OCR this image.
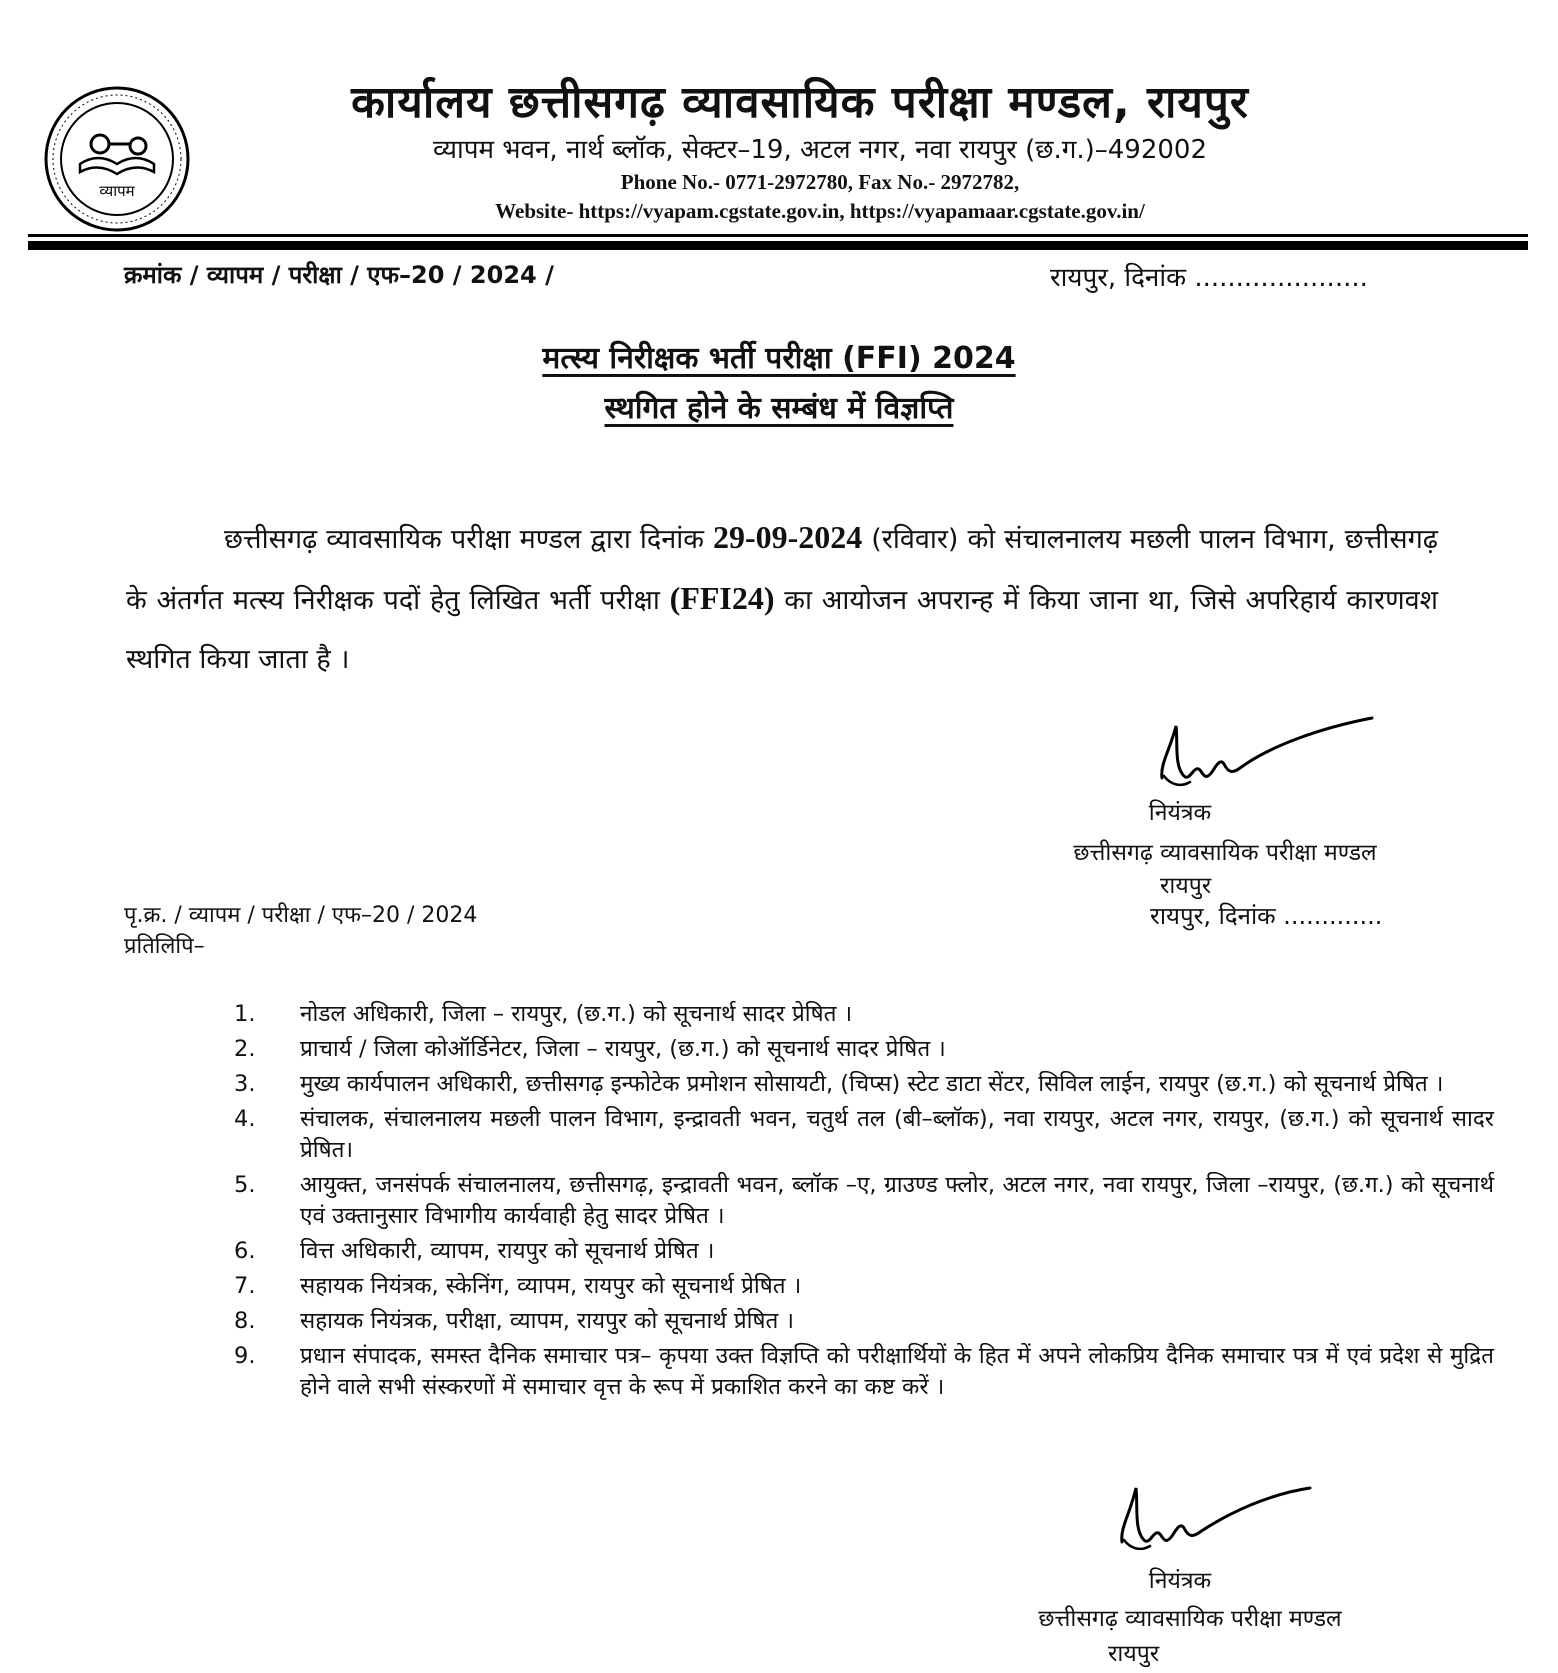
व्यापम
कार्यालय छत्तीसगढ़ व्यावसायिक परीक्षा मण्डल, रायपुर
व्यापम भवन, नार्थ ब्लॉक, सेक्टर–19, अटल नगर, नवा रायपुर (छ.ग.)–492002
Phone No.- 0771-2972780, Fax No.- 2972782,
Website- https://vyapam.cgstate.gov.in, https://vyapamaar.cgstate.gov.in/
क्रमांक / व्यापम / परीक्षा / एफ–20 / 2024 /	रायपुर, दिनांक .....................
मत्स्य निरीक्षक भर्ती परीक्षा (FFI) 2024
स्थगित होने के सम्बंध में विज्ञप्ति
छत्तीसगढ़ व्यावसायिक परीक्षा मण्डल द्वारा दिनांक 29-09-2024 (रविवार) को संचालनालय मछली पालन विभाग, छत्तीसगढ़ के अंतर्गत मत्स्य निरीक्षक पदों हेतु लिखित भर्ती परीक्षा (FFI24) का आयोजन अपरान्ह में किया जाना था, जिसे अपरिहार्य कारणवश स्थगित किया जाता है ।
नियंत्रक
छत्तीसगढ़ व्यावसायिक परीक्षा मण्डल
रायपुर
पृ.क्र. / व्यापम / परीक्षा / एफ–20 / 2024	रायपुर, दिनांक .............
प्रतिलिपि–
1. नोडल अधिकारी, जिला – रायपुर, (छ.ग.) को सूचनार्थ सादर प्रेषित ।
2. प्राचार्य / जिला कोऑर्डिनेटर, जिला – रायपुर, (छ.ग.) को सूचनार्थ सादर प्रेषित ।
3. मुख्य कार्यपालन अधिकारी, छत्तीसगढ़ इन्फोटेक प्रमोशन सोसायटी, (चिप्स) स्टेट डाटा सेंटर, सिविल लाईन, रायपुर (छ.ग.) को सूचनार्थ प्रेषित ।
4. संचालक, संचालनालय मछली पालन विभाग, इन्द्रावती भवन, चतुर्थ तल (बी–ब्लॉक), नवा रायपुर, अटल नगर, रायपुर, (छ.ग.) को सूचनार्थ सादर प्रेषित।
5. आयुक्त, जनसंपर्क संचालनालय, छत्तीसगढ़, इन्द्रावती भवन, ब्लॉक –ए, ग्राउण्ड फ्लोर, अटल नगर, नवा रायपुर, जिला –रायपुर, (छ.ग.) को सूचनार्थ एवं उक्तानुसार विभागीय कार्यवाही हेतु सादर प्रेषित ।
6. वित्त अधिकारी, व्यापम, रायपुर को सूचनार्थ प्रेषित ।
7. सहायक नियंत्रक, स्केनिंग, व्यापम, रायपुर को सूचनार्थ प्रेषित ।
8. सहायक नियंत्रक, परीक्षा, व्यापम, रायपुर को सूचनार्थ प्रेषित ।
9. प्रधान संपादक, समस्त दैनिक समाचार पत्र– कृपया उक्त विज्ञप्ति को परीक्षार्थियों के हित में अपने लोकप्रिय दैनिक समाचार पत्र में एवं प्रदेश से मुद्रित होने वाले सभी संस्करणों में समाचार वृत्त के रूप में प्रकाशित करने का कष्ट करें ।
नियंत्रक
छत्तीसगढ़ व्यावसायिक परीक्षा मण्डल
रायपुर
